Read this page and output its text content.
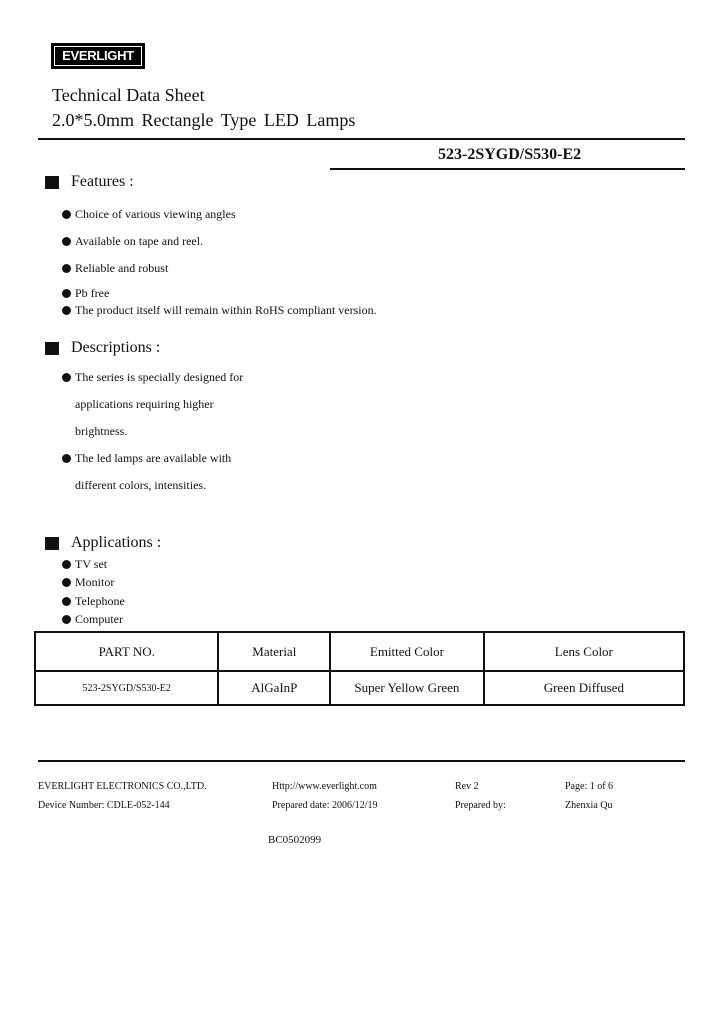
EVERLIGHT
Technical Data Sheet
2.0*5.0mm Rectangle Type LED Lamps
523-2SYGD/S530-E2
Features :
Choice of various viewing angles
Available on tape and reel.
Reliable and robust
Pb free
The product itself will remain within RoHS compliant version.
Descriptions :
The series is specially designed for
applications requiring higher
brightness.
The led lamps are available with
different colors, intensities.
Applications :
TV set
Monitor
Telephone
Computer
PART NO.	Material	Emitted Color	Lens Color
523-2SYGD/S530-E2	AlGaInP	Super Yellow Green	Green Diffused
EVERLIGHT ELECTRONICS CO.,LTD.	Http://www.everlight.com	Rev 2	Page: 1 of 6
Device Number: CDLE-052-144	Prepared date: 2006/12/19	Prepared by:	Zhenxia Qu
BC0502099
